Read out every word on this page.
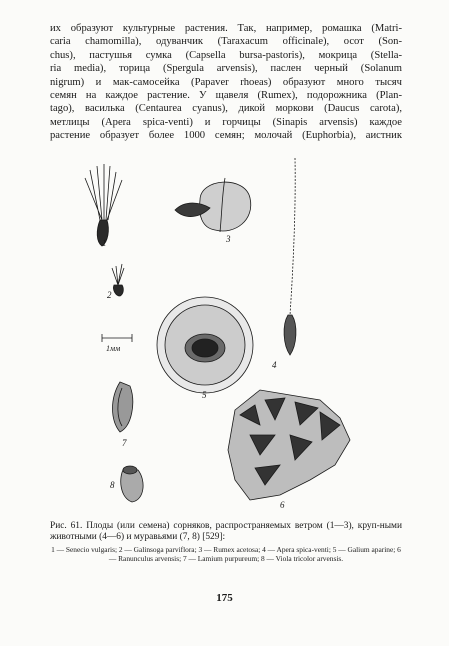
их образуют культурные растения. Так, например, ромашка (Matri-
caria chamomilla), одуванчик (Taraxacum officinale), осот (Son-
chus), пастушья сумка (Capsella bursa-pastoris), мокрица (Stella-
ria media), торица (Spergula arvensis), паслен черный (Solanum
nigrum) и мак-самосейка (Papaver rhoeas) образуют много тысяч
семян на каждое растение. У щавеля (Rumex), подорожника (Plan-
tago), василька (Centaurea cyanus), дикой моркови (Daucus carota),
метлицы (Apera spica-venti) и горчицы (Sinapis arvensis) каждое
растение образует более 1000 семян; молочай (Euphorbia), аистник
1
2
3
4
5
6
7
8
1мм
Рис. 61. Плоды (или семена) сорняков, распространяемых ветром (1—3), круп-ными животными (4—6) и муравьями (7, 8) [529]:
1 — Senecio vulgaris; 2 — Galinsoga parviflora; 3 — Rumex acetosa; 4 — Apera spica-venti; 5 — Galium aparine; 6 — Ranunculus arvensis; 7 — Lamium purpureum; 8 — Viola tricolor arvensis.
175
